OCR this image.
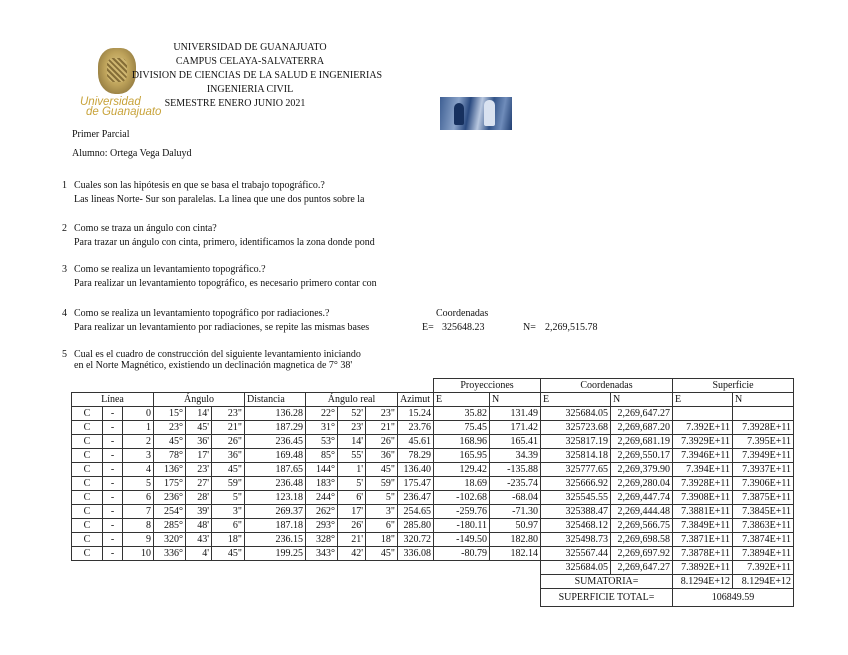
Universidad
de Guanajuato
UNIVERSIDAD DE GUANAJUATO
CAMPUS CELAYA-SALVATERRA
DIVISION DE CIENCIAS DE LA SALUD E INGENIERIAS
INGENIERIA CIVIL
SEMESTRE ENERO JUNIO 2021
Primer Parcial
Alumno: Ortega Vega Daluyd
1 Cuales son las hipótesis en que se basa el trabajo topográfico.?
Las lineas Norte- Sur son paralelas. La linea que une dos puntos sobre la
2 Como se traza un ángulo con cinta?
Para trazar un ángulo con cinta, primero, identificamos la zona donde pond
3 Como se realiza un levantamiento topográfico.?
Para realizar un levantamiento topográfico, es necesario primero contar con
4 Como se realiza un levantamiento topográfico por radiaciones.?
Para realizar un levantamiento por radiaciones, se repite las mismas bases
5 Cual es el cuadro de construcción del siguiente levantamiento iniciando
en el Norte Magnético, existiendo un declinación magnetica de 7° 38'
Coordenadas
E= 325648.23	N= 2,269,515.78
											Proyecciones		Coordenadas		Superficie	
Línea			Ángulo			Distancia	Ángulo real			Azimut	E	N	E	N	E	N
C	-	0	15°	14'	23"	136.28	22°	52'	23"	15.24	35.82	131.49	325684.05	2,269,647.27		
C	-	1	23°	45'	21"	187.29	31°	23'	21"	23.76	75.45	171.42	325723.68	2,269,687.20	7.392E+11	7.3928E+11
C	-	2	45°	36'	26"	236.45	53°	14'	26"	45.61	168.96	165.41	325817.19	2,269,681.19	7.3929E+11	7.395E+11
C	-	3	78°	17'	36"	169.48	85°	55'	36"	78.29	165.95	34.39	325814.18	2,269,550.17	7.3946E+11	7.3949E+11
C	-	4	136°	23'	45"	187.65	144°	1'	45"	136.40	129.42	-135.88	325777.65	2,269,379.90	7.394E+11	7.3937E+11
C	-	5	175°	27'	59"	236.48	183°	5'	59"	175.47	18.69	-235.74	325666.92	2,269,280.04	7.3928E+11	7.3906E+11
C	-	6	236°	28'	5"	123.18	244°	6'	5"	236.47	-102.68	-68.04	325545.55	2,269,447.74	7.3908E+11	7.3875E+11
C	-	7	254°	39'	3"	269.37	262°	17'	3"	254.65	-259.76	-71.30	325388.47	2,269,444.48	7.3881E+11	7.3845E+11
C	-	8	285°	48'	6"	187.18	293°	26'	6"	285.80	-180.11	50.97	325468.12	2,269,566.75	7.3849E+11	7.3863E+11
C	-	9	320°	43'	18"	236.15	328°	21'	18"	320.72	-149.50	182.80	325498.73	2,269,698.58	7.3871E+11	7.3874E+11
C	-	10	336°	4'	45"	199.25	343°	42'	45"	336.08	-80.79	182.14	325567.44	2,269,697.92	7.3878E+11	7.3894E+11
													325684.05	2,269,647.27	7.3892E+11	7.392E+11
													SUMATORIA=		8.1294E+12	8.1294E+12
													SUPERFICIE TOTAL=		106849.59	
